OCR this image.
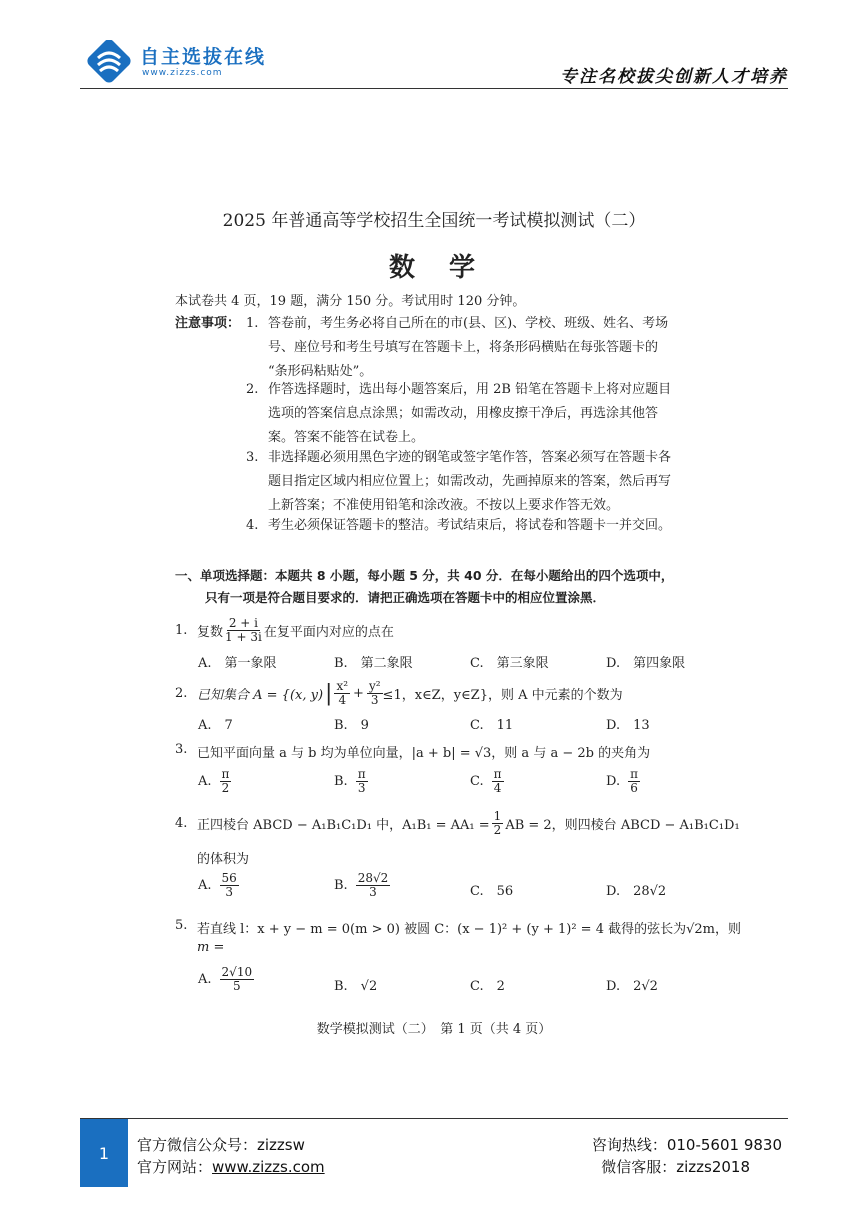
自主选拔在线
www.zizzs.com	专注名校拔尖创新人才培养
2025 年普通高等学校招生全国统一考试模拟测试（二）
数　学
本试卷共 4 页，19 题，满分 150 分。考试用时 120 分钟。
注意事项： 1. 答卷前，考生务必将自己所在的市(县、区)、学校、班级、姓名、考场
号、座位号和考生号填写在答题卡上，将条形码横贴在每张答题卡的
“条形码粘贴处”。
2. 作答选择题时，选出每小题答案后，用 2B 铅笔在答题卡上将对应题目
选项的答案信息点涂黑；如需改动，用橡皮擦干净后，再选涂其他答
案。答案不能答在试卷上。
3. 非选择题必须用黑色字迹的钢笔或签字笔作答，答案必须写在答题卡各
题目指定区域内相应位置上；如需改动，先画掉原来的答案，然后再写
上新答案；不准使用铅笔和涂改液。不按以上要求作答无效。
4. 考生必须保证答题卡的整洁。考试结束后，将试卷和答题卡一并交回。
一、单项选择题：本题共 8 小题，每小题 5 分，共 40 分．在每小题给出的四个选项中，
只有一项是符合题目要求的．请把正确选项在答题卡中的相应位置涂黑．
1. 复数 $\frac{2 + i}{1 + 3i}$ 在复平面内对应的点在
A.　第一象限	B.　第二象限	C.　第三象限	D.　第四象限
2. 已知集合 A = {(x, y) | $\frac{\text{x²}}{4} + \frac{\text{y²}}{3} \le 1$，x∈Z，y∈Z}，则 A 中元素的个数为
A.　7	B.　9	C.　11	D.　13
3. 已知平面向量 a 与 b 均为单位向量，|a + b| = √3，则 a 与 a − 2b 的夹角为
A. $\frac{\pi}{2}$	B. $\frac{\pi}{3}$	C. $\frac{\pi}{4}$	D. $\frac{\pi}{6}$
4. 正四棱台 ABCD − A₁B₁C₁D₁ 中，$A_1B_1 = AA_1 = \frac{1}{2}$ AB = 2，则四棱台 ABCD − A₁B₁C₁D₁
的体积为
A. $\frac{56}{3}$	B. $\frac{28√2}{3}$	C.　56	D.　28√2
5. 若直线 l：x + y − m = 0(m > 0) 被圆 C：(x − 1)² + (y + 1)² = 4 截得的弦长为√2m，则
m =
A. $\frac{2√10}{5}$	B.　√2	C.　2	D.　2√2
数学模拟测试（二）　第 1 页（共 4 页）
1 官方微信公众号：zizzsw
官方网站：www.zizzs.com
咨询热线：010-5601 9830
微信客服：zizzs2018
